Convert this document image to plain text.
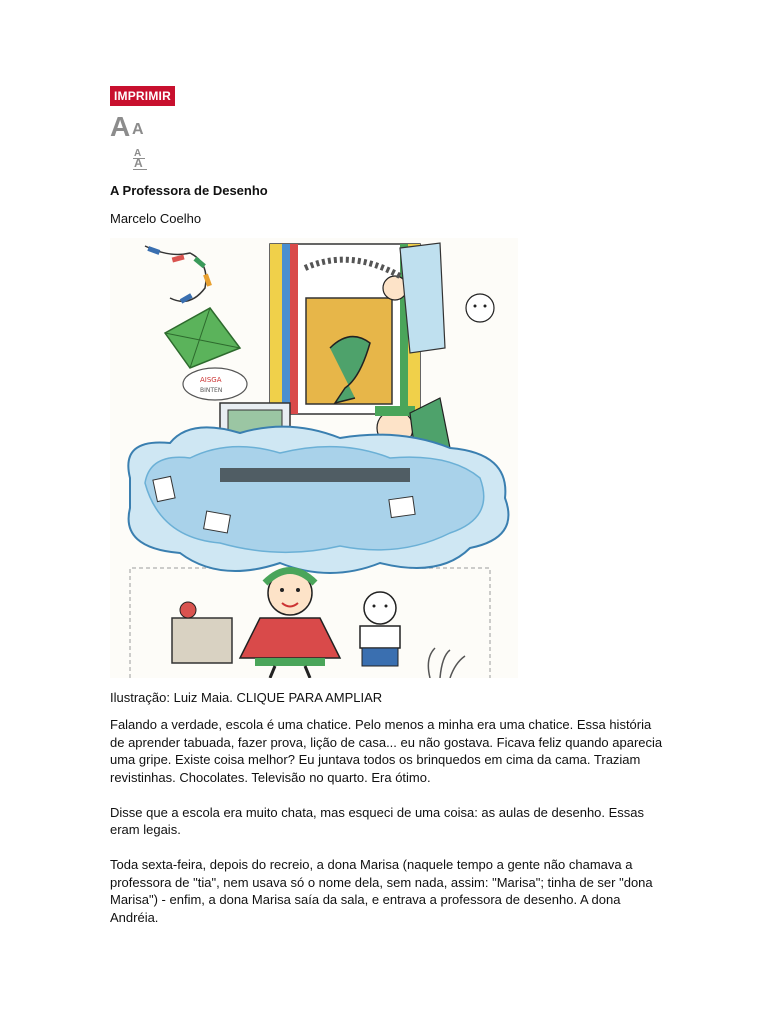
IMPRIMIR
A A
A
A
A Professora de Desenho
Marcelo Coelho
AISGA
BINTEN
Ilustração: Luiz Maia. CLIQUE PARA AMPLIAR

Falando a verdade, escola é uma chatice. Pelo menos a minha era uma chatice. Essa história de aprender tabuada, fazer prova, lição de casa... eu não gostava. Ficava feliz quando aparecia uma gripe. Existe coisa melhor? Eu juntava todos os brinquedos em cima da cama. Traziam revistinhas. Chocolates. Televisão no quarto. Era ótimo.

Disse que a escola era muito chata, mas esqueci de uma coisa: as aulas de desenho. Essas eram legais.

Toda sexta-feira, depois do recreio, a dona Marisa (naquele tempo a gente não chamava a professora de "tia", nem usava só o nome dela, sem nada, assim: "Marisa"; tinha de ser "dona Marisa") - enfim, a dona Marisa saía da sala, e entrava a professora de desenho. A dona Andréia.
